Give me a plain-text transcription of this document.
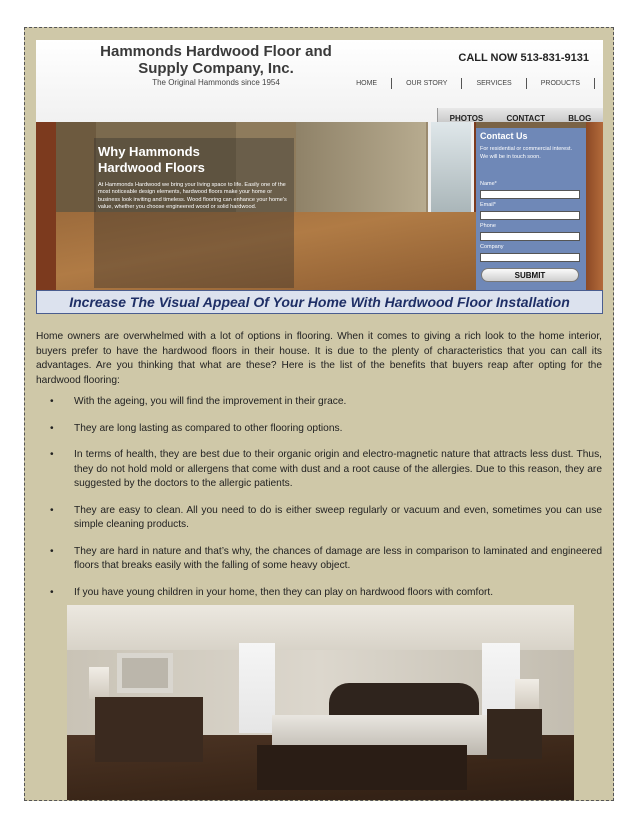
Hammonds Hardwood Floor and
Supply Company, Inc.
The Original Hammonds since 1954
CALL NOW 513-831-9131
HOME	OUR STORY	SERVICES	PRODUCTS
PHOTOS	CONTACT	BLOG
Why Hammonds
Hardwood Floors
At Hammonds Hardwood we bring your living space to life. Easily one of the most noticeable design elements, hardwood floors make your home or business look inviting and timeless. Wood flooring can enhance your home's value, whether you choose engineered wood or solid hardwood.
Contact Us
For residential or commercial interest. We will be in touch soon.
Name*
Email*
Phone
Company
SUBMIT
Increase The Visual Appeal Of Your Home With Hardwood Floor Installation

Home owners are overwhelmed with a lot of options in flooring. When it comes to giving a rich look to the home interior, buyers prefer to have the hardwood floors in their house. It is due to the plenty of characteristics that you can call its advantages. Are you thinking that what are these? Here is the list of the benefits that buyers reap after opting for the hardwood flooring:

• With the ageing, you will find the improvement in their grace.
• They are long lasting as compared to other flooring options.
• In terms of health, they are best due to their organic origin and electro-magnetic nature that attracts less dust. Thus, they do not hold mold or allergens that come with dust and a root cause of the allergies. Due to this reason, they are suggested by the doctors to the allergic patients.
• They are easy to clean. All you need to do is either sweep regularly or vacuum and even, sometimes you can use simple cleaning products.
• They are hard in nature and that’s why, the chances of damage are less in comparison to laminated and engineered floors that breaks easily with the falling of some heavy object.
• If you have young children in your home, then they can play on hardwood floors with comfort.
